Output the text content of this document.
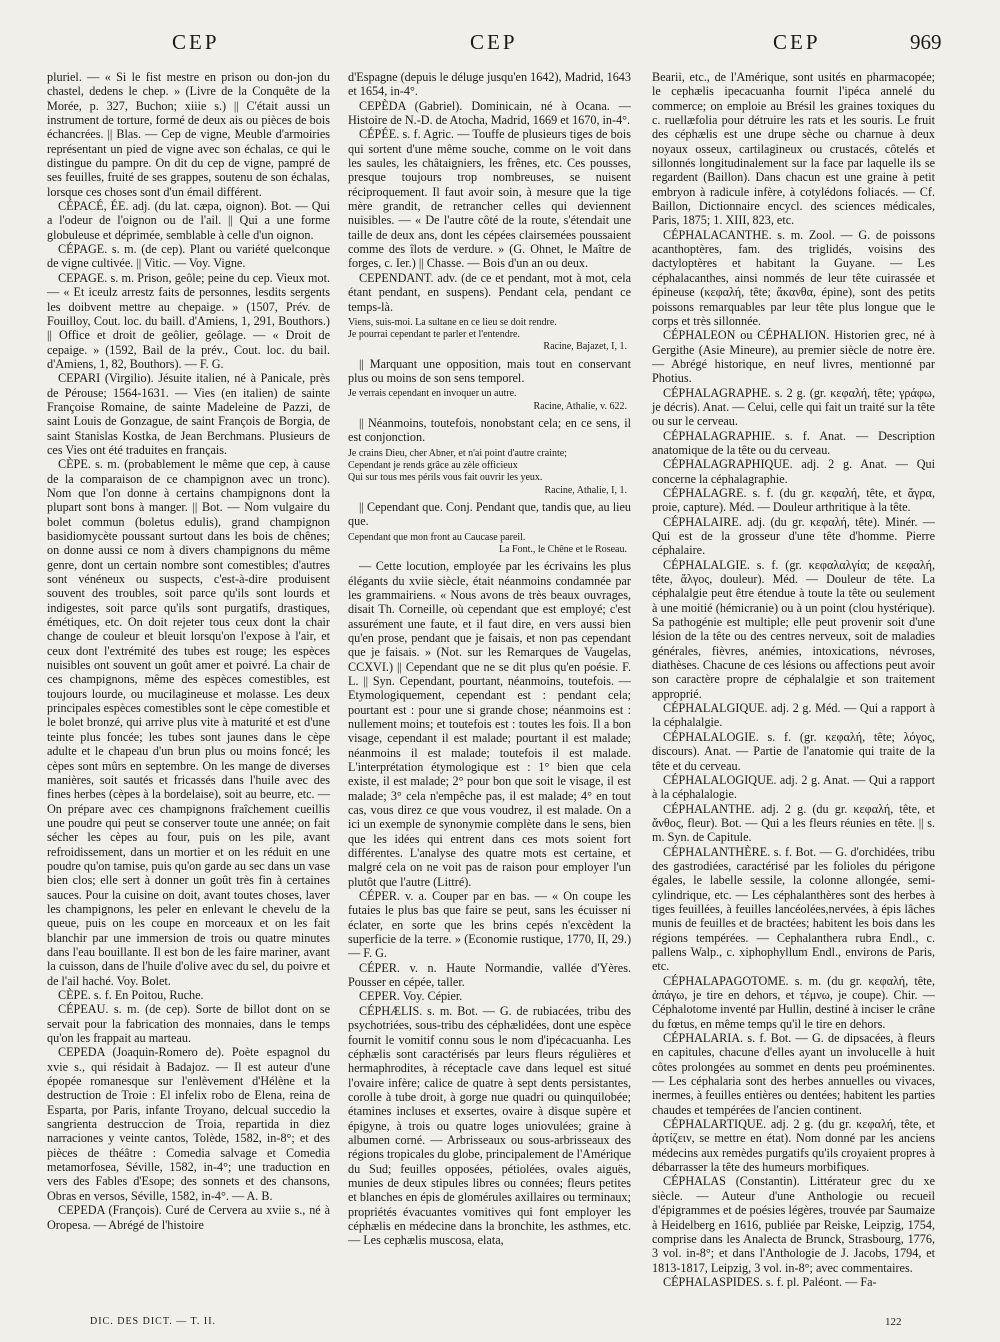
CEP	CEP	CEP	969

pluriel. — « Si le fist mestre en prison ou don-jon du chastel, dedens le chep. » (Livre de la Conquête de la Morée, p. 327, Buchon; xiiie s.) || C'était aussi un instrument de torture, formé de deux ais ou pièces de bois échancrées. || Blas. — Cep de vigne, Meuble d'armoiries représentant un pied de vigne avec son échalas, ce qui le distingue du pampre. On dit du cep de vigne, pampré de ses feuilles, fruité de ses grappes, soutenu de son échalas, lorsque ces choses sont d'un émail différent.

CÉPACÉ, ÉE. adj. (du lat. cæpa, oignon). Bot. — Qui a l'odeur de l'oignon ou de l'ail. || Qui a une forme globuleuse et déprimée, semblable à celle d'un oignon.

CÉPAGE. s. m. (de cep). Plant ou variété quelconque de vigne cultivée. || Vitic. — Voy. Vigne.

CEPAGE. s. m. Prison, geôle; peine du cep. Vieux mot. — « Et iceulz arrestz faits de personnes, lesdits sergents les doibvent mettre au chepaige. » (1507, Prév. de Fouilloy, Cout. loc. du baill. d'Amiens, 1, 291, Bouthors.) || Office et droit de geôlier, geôlage. — « Droit de cepaige. » (1592, Bail de la prév., Cout. loc. du bail. d'Amiens, 1, 82, Bouthors). — F. G.

CEPARI (Virgilio). Jésuite italien, né à Panicale, près de Pérouse; 1564-1631. — Vies (en italien) de sainte Françoise Romaine, de sainte Madeleine de Pazzi, de saint Louis de Gonzague, de saint François de Borgia, de saint Stanislas Kostka, de Jean Berchmans. Plusieurs de ces Vies ont été traduites en français.

CÈPE. s. m. (probablement le même que cep, à cause de la comparaison de ce champignon avec un tronc). Nom que l'on donne à certains champignons dont la plupart sont bons à manger. || Bot. — Nom vulgaire du bolet commun (boletus edulis), grand champignon basidiomycète poussant surtout dans les bois de chênes; on donne aussi ce nom à divers champignons du même genre, dont un certain nombre sont comestibles; d'autres sont vénéneux ou suspects, c'est-à-dire produisent souvent des troubles, soit parce qu'ils sont lourds et indigestes, soit parce qu'ils sont purgatifs, drastiques, émétiques, etc. On doit rejeter tous ceux dont la chair change de couleur et bleuit lorsqu'on l'expose à l'air, et ceux dont l'extrémité des tubes est rouge; les espèces nuisibles ont souvent un goût amer et poivré. La chair de ces champignons, même des espèces comestibles, est toujours lourde, ou mucilagineuse et molasse. Les deux principales espèces comestibles sont le cèpe comestible et le bolet bronzé, qui arrive plus vite à maturité et est d'une teinte plus foncée; les tubes sont jaunes dans le cèpe adulte et le chapeau d'un brun plus ou moins foncé; les cèpes sont mûrs en septembre. On les mange de diverses manières, soit sautés et fricassés dans l'huile avec des fines herbes (cèpes à la bordelaise), soit au beurre, etc. — On prépare avec ces champignons fraîchement cueillis une poudre qui peut se conserver toute une année; on fait sécher les cèpes au four, puis on les pile, avant refroidissement, dans un mortier et on les réduit en une poudre qu'on tamise, puis qu'on garde au sec dans un vase bien clos; elle sert à donner un goût très fin à certaines sauces. Pour la cuisine on doit, avant toutes choses, laver les champignons, les peler en enlevant le chevelu de la queue, puis on les coupe en morceaux et on les fait blanchir par une immersion de trois ou quatre minutes dans l'eau bouillante. Il est bon de les faire mariner, avant la cuisson, dans de l'huile d'olive avec du sel, du poivre et de l'ail haché. Voy. Bolet.

CÈPE. s. f. En Poitou, Ruche.

CÉPEAU. s. m. (de cep). Sorte de billot dont on se servait pour la fabrication des monnaies, dans le temps qu'on les frappait au marteau.

CEPEDA (Joaquin-Romero de). Poète espagnol du xvie s., qui résidait à Badajoz. — Il est auteur d'une épopée romanesque sur l'enlèvement d'Hélène et la destruction de Troie : El infelix robo de Elena, reina de Esparta, por Paris, infante Troyano, delcual succedio la sangrienta destruccion de Troia, repartida in diez narraciones y veinte cantos, Tolède, 1582, in-8°; et des pièces de théâtre : Comedia salvage et Comedia metamorfosea, Séville, 1582, in-4°; une traduction en vers des Fables d'Esope; des sonnets et des chansons, Obras en versos, Séville, 1582, in-4°. — A. B.

CEPEDA (François). Curé de Cervera au xviie s., né à Oropesa. — Abrégé de l'histoire

d'Espagne (depuis le déluge jusqu'en 1642), Madrid, 1643 et 1654, in-4°.

CEPÈDA (Gabriel). Dominicain, né à Ocana. — Histoire de N.-D. de Atocha, Madrid, 1669 et 1670, in-4°.

CÉPÉE. s. f. Agric. — Touffe de plusieurs tiges de bois qui sortent d'une même souche, comme on le voit dans les saules, les châtaigniers, les frênes, etc. Ces pousses, presque toujours trop nombreuses, se nuisent réciproquement. Il faut avoir soin, à mesure que la tige mère grandit, de retrancher celles qui deviennent nuisibles. — « De l'autre côté de la route, s'étendait une taille de deux ans, dont les cépées clairsemées poussaient comme des îlots de verdure. » (G. Ohnet, le Maître de forges, c. Ier.) || Chasse. — Bois d'un an ou deux.

CEPENDANT. adv. (de ce et pendant, mot à mot, cela étant pendant, en suspens). Pendant cela, pendant ce temps-là.

Viens, suis-moi. La sultane en ce lieu se doit rendre.
Je pourrai cependant te parler et l'entendre.
Racine, Bajazet, I, 1.

|| Marquant une opposition, mais tout en conservant plus ou moins de son sens temporel.

Je verrais cependant en invoquer un autre.
Racine, Athalie, v. 622.

|| Néanmoins, toutefois, nonobstant cela; en ce sens, il est conjonction.

Je crains Dieu, cher Abner, et n'ai point d'autre crainte;
Cependant je rends grâce au zèle officieux
Qui sur tous mes périls vous fait ouvrir les yeux.
Racine, Athalie, I, 1.

|| Cependant que. Conj. Pendant que, tandis que, au lieu que.

Cependant que mon front au Caucase pareil.
La Font., le Chêne et le Roseau.

— Cette locution, employée par les écrivains les plus élégants du xviie siècle, était néanmoins condamnée par les grammairiens. « Nous avons de très beaux ouvrages, disait Th. Corneille, où cependant que est employé; c'est assurément une faute, et il faut dire, en vers aussi bien qu'en prose, pendant que je faisais, et non pas cependant que je faisais. » (Not. sur les Remarques de Vaugelas, CCXVI.) || Cependant que ne se dit plus qu'en poésie. F. L. || Syn. Cependant, pourtant, néanmoins, toutefois. — Etymologiquement, cependant est : pendant cela; pourtant est : pour une si grande chose; néanmoins est : nullement moins; et toutefois est : toutes les fois. Il a bon visage, cependant il est malade; pourtant il est malade; néanmoins il est malade; toutefois il est malade. L'interprétation étymologique est : 1° bien que cela existe, il est malade; 2° pour bon que soit le visage, il est malade; 3° cela n'empêche pas, il est malade; 4° en tout cas, vous direz ce que vous voudrez, il est malade. On a ici un exemple de synonymie complète dans le sens, bien que les idées qui entrent dans ces mots soient fort différentes. L'analyse des quatre mots est certaine, et malgré cela on ne voit pas de raison pour employer l'un plutôt que l'autre (Littré).

CÉPER. v. a. Couper par en bas. — « On coupe les futaies le plus bas que faire se peut, sans les écuisser ni éclater, en sorte que les brins cepés n'excèdent la superficie de la terre. » (Economie rustique, 1770, II, 29.) — F. G.

CÉPER. v. n. Haute Normandie, vallée d'Yères. Pousser en cépée, taller.

CEPER. Voy. Cépier.

CÉPHÆLIS. s. m. Bot. — G. de rubiacées, tribu des psychotriées, sous-tribu des céphælidées, dont une espèce fournit le vomitif connu sous le nom d'ipécacuanha. Les céphælis sont caractérisés par leurs fleurs régulières et hermaphrodites, à réceptacle cave dans lequel est situé l'ovaire infère; calice de quatre à sept dents persistantes, corolle à tube droit, à gorge nue quadri ou quinquilobée; étamines incluses et exsertes, ovaire à disque supère et épigyne, à trois ou quatre loges uniovulées; graine à albumen corné. — Arbrisseaux ou sous-arbrisseaux des régions tropicales du globe, principalement de l'Amérique du Sud; feuilles opposées, pétiolées, ovales aiguës, munies de deux stipules libres ou connées; fleurs petites et blanches en épis de glomérules axillaires ou terminaux; propriétés évacuantes vomitives qui font employer les céphælis en médecine dans la bronchite, les asthmes, etc. — Les cephælis muscosa, elata,

Bearii, etc., de l'Amérique, sont usités en pharmacopée; le cephælis ipecacuanha fournit l'ipéca annelé du commerce; on emploie au Brésil les graines toxiques du c. ruellæfolia pour détruire les rats et les souris. Le fruit des céphælis est une drupe sèche ou charnue à deux noyaux osseux, cartilagineux ou crustacés, côtelés et sillonnés longitudinalement sur la face par laquelle ils se regardent (Baillon). Dans chacun est une graine à petit embryon à radicule infère, à cotylédons foliacés. — Cf. Baillon, Dictionnaire encycl. des sciences médicales, Paris, 1875; 1. XIII, 823, etc.

CÉPHALACANTHE. s. m. Zool. — G. de poissons acanthoptères, fam. des triglidés, voisins des dactyloptères et habitant la Guyane. — Les céphalacanthes, ainsi nommés de leur tête cuirassée et épineuse (κεφαλή, tête; ἄκανθα, épine), sont des petits poissons remarquables par leur tête plus longue que le corps et très sillonnée.

CÉPHALEON ou CÉPHALION. Historien grec, né à Gergithe (Asie Mineure), au premier siècle de notre ère. — Abrégé historique, en neuf livres, mentionné par Photius.

CÉPHALAGRAPHE. s. 2 g. (gr. κεφαλή, tête; γράφω, je décris). Anat. — Celui, celle qui fait un traité sur la tête ou sur le cerveau.

CÉPHALAGRAPHIE. s. f. Anat. — Description anatomique de la tête ou du cerveau.

CÉPHALAGRAPHIQUE. adj. 2 g. Anat. — Qui concerne la céphalagraphie.

CÉPHALAGRE. s. f. (du gr. κεφαλή, tête, et ἄγρα, proie, capture). Méd. — Douleur arthritique à la tête.

CÉPHALAIRE. adj. (du gr. κεφαλή, tête). Minér. — Qui est de la grosseur d'une tête d'homme. Pierre céphalaire.

CÉPHALALGIE. s. f. (gr. κεφαλαλγία; de κεφαλή, tête, ἄλγος, douleur). Méd. — Douleur de tête. La céphalalgie peut être étendue à toute la tête ou seulement à une moitié (hémicranie) ou à un point (clou hystérique). Sa pathogénie est multiple; elle peut provenir soit d'une lésion de la tête ou des centres nerveux, soit de maladies générales, fièvres, anémies, intoxications, névroses, diathèses. Chacune de ces lésions ou affections peut avoir son caractère propre de céphalalgie et son traitement approprié.

CÉPHALALGIQUE. adj. 2 g. Méd. — Qui a rapport à la céphalalgie.

CÉPHALALOGIE. s. f. (gr. κεφαλή, tête; λόγος, discours). Anat. — Partie de l'anatomie qui traite de la tête et du cerveau.

CÉPHALALOGIQUE. adj. 2 g. Anat. — Qui a rapport à la céphalalogie.

CÉPHALANTHE. adj. 2 g. (du gr. κεφαλή, tête, et ἄνθος, fleur). Bot. — Qui a les fleurs réunies en tête. || s. m. Syn. de Capitule.

CÉPHALANTHÈRE. s. f. Bot. — G. d'orchidées, tribu des gastrodiées, caractérisé par les folioles du périgone égales, le labelle sessile, la colonne allongée, semi-cylindrique, etc. — Les céphalanthères sont des herbes à tiges feuillées, à feuilles lancéolées,nervées, à épis lâches munis de feuilles et de bractées; habitent les bois dans les régions tempérées. — Cephalanthera rubra Endl., c. pallens Walp., c. xiphophyllum Endl., environs de Paris, etc.

CÉPHALAPAGOTOME. s. m. (du gr. κεφαλή, tête, ἀπάγω, je tire en dehors, et τέμνω, je coupe). Chir. — Céphalotome inventé par Hullin, destiné à inciser le crâne du fœtus, en même temps qu'il le tire en dehors.

CÉPHALARIA. s. f. Bot. — G. de dipsacées, à fleurs en capitules, chacune d'elles ayant un involucelle à huit côtes prolongées au sommet en dents peu proéminentes. — Les céphalaria sont des herbes annuelles ou vivaces, inermes, à feuilles entières ou dentées; habitent les parties chaudes et tempérées de l'ancien continent.

CÉPHALARTIQUE. adj. 2 g. (du gr. κεφαλή, tête, et ἀρτίζειν, se mettre en état). Nom donné par les anciens médecins aux remèdes purgatifs qu'ils croyaient propres à débarrasser la tête des humeurs morbifiques.

CÉPHALAS (Constantin). Littérateur grec du xe siècle. — Auteur d'une Anthologie ou recueil d'épigrammes et de poésies légères, trouvée par Saumaize à Heidelberg en 1616, publiée par Reiske, Leipzig, 1754, comprise dans les Analecta de Brunck, Strasbourg, 1776, 3 vol. in-8°; et dans l'Anthologie de J. Jacobs, 1794, et 1813-1817, Leipzig, 3 vol. in-8°; avec commentaires.

CÉPHALASPIDES. s. f. pl. Paléont. — Fa-

DIC. DES DICT. — T. II.	122
